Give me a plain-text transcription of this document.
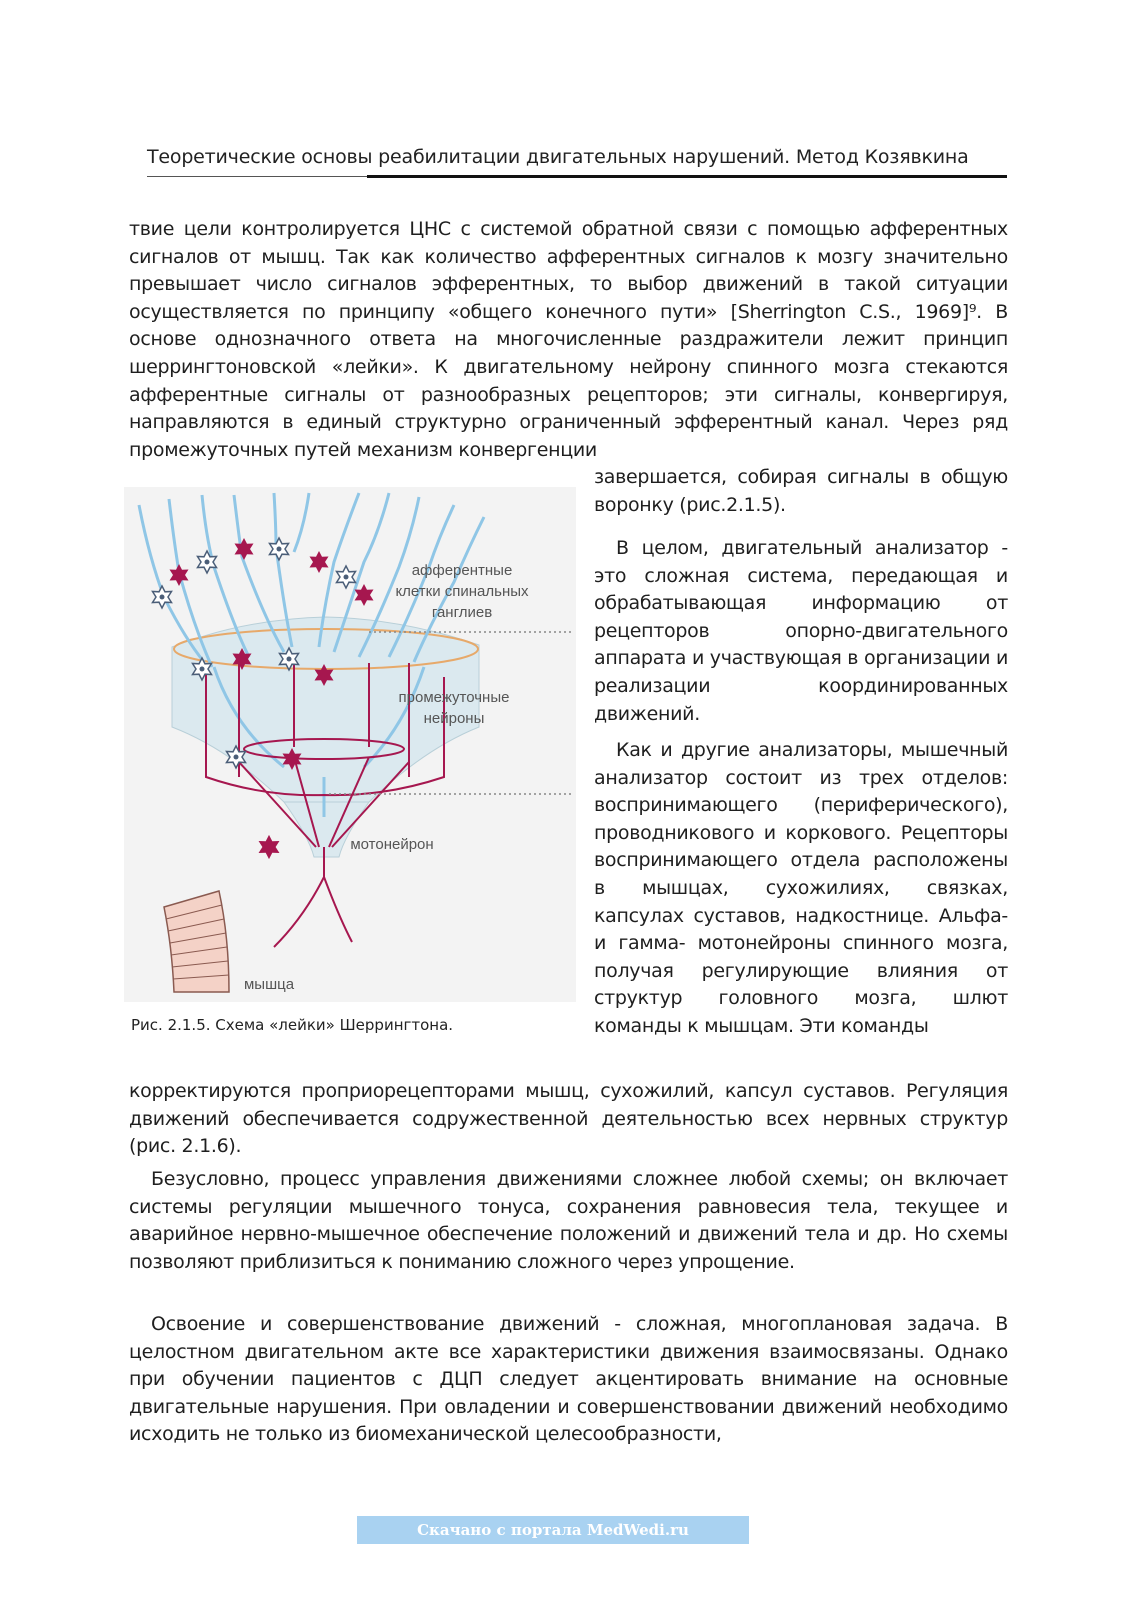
Теоретические основы реабилитации двигательных нарушений. Метод Козявкина
твие цели контролируется ЦНС с системой обратной связи с помощью афферентных сигналов от мышц. Так как количество афферентных сигналов к мозгу значительно превышает число сигналов эфферентных, то выбор движений в такой ситуации осуществляется по принципу «общего конечного пути» [Sherrington C.S., 1969]⁹. В основе однозначного ответа на многочисленные раздражители лежит принцип шеррингтоновской «лейки». К двигательному нейрону спинного мозга стекаются афферентные сигналы от разнообразных рецепторов; эти сигналы, конвергируя, направляются в единый структурно ограниченный эфферентный канал. Через ряд промежуточных путей механизм конвергенции
завершается, собирая сигналы в общую воронку (рис.2.1.5).
В целом, двигательный анализатор - это сложная система, передающая и обрабатывающая информацию от рецепторов опорно-двигательного аппарата и участвующая в организации и реализации координированных движений.
Как и другие анализаторы, мышечный анализатор состоит из трех отделов: воспринимающего (периферического), проводникового и коркового. Рецепторы воспринимающего отдела расположены в мышцах, сухожилиях, связках, капсулах суставов, надкостнице. Альфа- и гамма- мотонейроны спинного мозга, получая регулирующие влияния от структур головного мозга, шлют команды к мышцам. Эти команды
корректируются проприорецепторами мышц, сухожилий, капсул суставов. Регуляция движений обеспечивается содружественной деятельностью всех нервных структур (рис. 2.1.6).
Безусловно, процесс управления движениями сложнее любой схемы; он включает системы регуляции мышечного тонуса, сохранения равновесия тела, текущее и аварийное нервно-мышечное обеспечение положений и движений тела и др. Но схемы позволяют приблизиться к пониманию сложного через упрощение.
Освоение и совершенствование движений - сложная, многоплановая задача. В целостном двигательном акте все характеристики движения взаимосвязаны. Однако при обучении пациентов с ДЦП следует акцентировать внимание на основные двигательные нарушения. При овладении и совершенствовании движений необходимо исходить не только из биомеханической целесообразности,
афферентные
клетки спинальных
ганглиев
промежуточные
нейроны
мотонейрон
мышца
Рис. 2.1.5. Схема «лейки» Шеррингтона.
Скачано с портала MedWedi.ru
